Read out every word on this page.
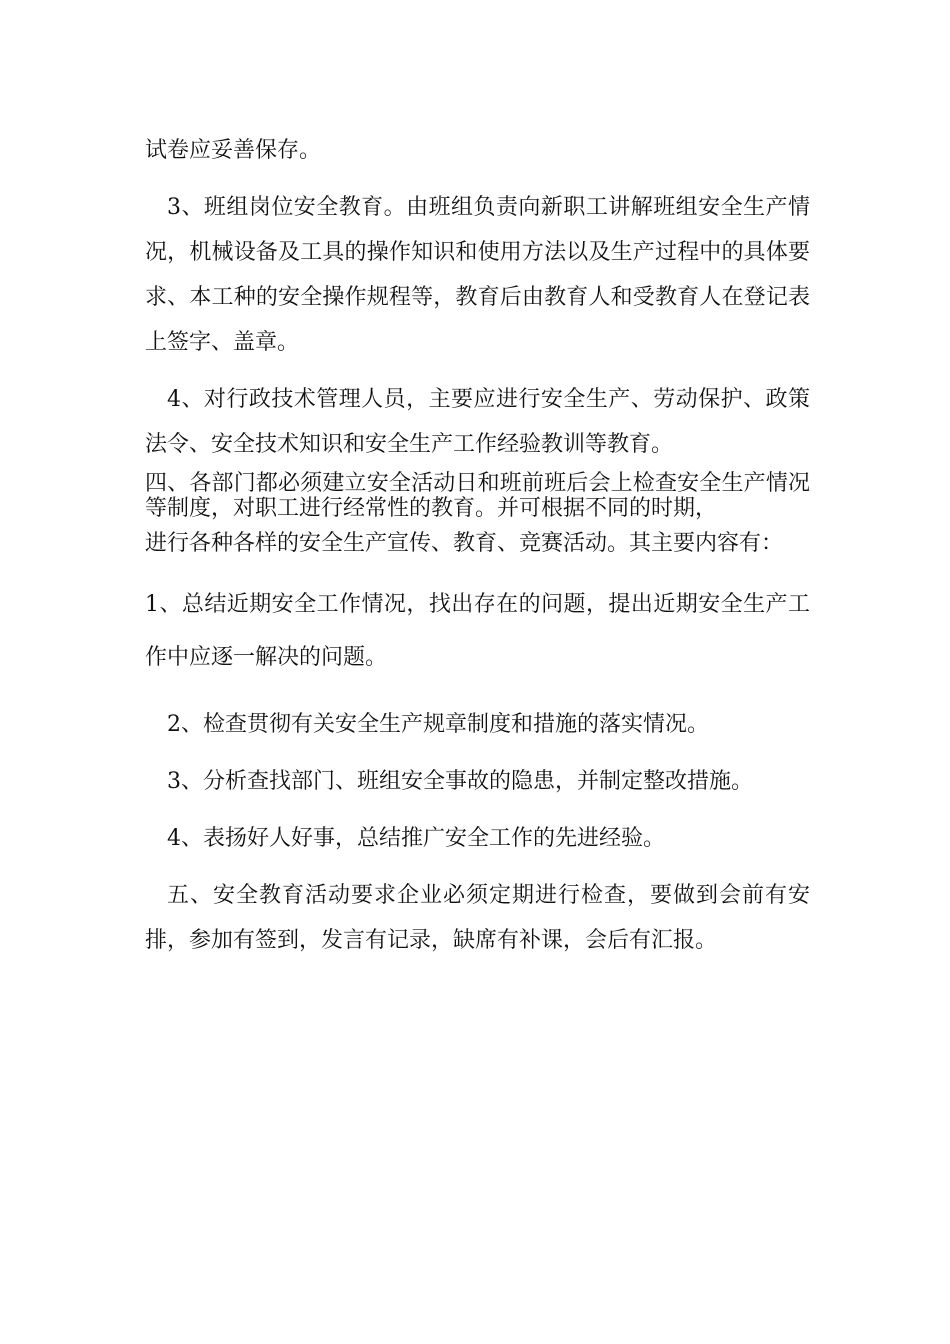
试卷应妥善保存。

3、班组岗位安全教育。由班组负责向新职工讲解班组安全生产情况，机械设备及工具的操作知识和使用方法以及生产过程中的具体要求、本工种的安全操作规程等，教育后由教育人和受教育人在登记表上签字、盖章。

4、对行政技术管理人员，主要应进行安全生产、劳动保护、政策法令、安全技术知识和安全生产工作经验教训等教育。

四、各部门都必须建立安全活动日和班前班后会上检查安全生产情况等制度，对职工进行经常性的教育。并可根据不同的时期，

进行各种各样的安全生产宣传、教育、竞赛活动。其主要内容有：

1、总结近期安全工作情况，找出存在的问题，提出近期安全生产工作中应逐一解决的问题。

2、检查贯彻有关安全生产规章制度和措施的落实情况。

3、分析查找部门、班组安全事故的隐患，并制定整改措施。

4、表扬好人好事，总结推广安全工作的先进经验。

五、安全教育活动要求企业必须定期进行检查，要做到会前有安排，参加有签到，发言有记录，缺席有补课，会后有汇报。
